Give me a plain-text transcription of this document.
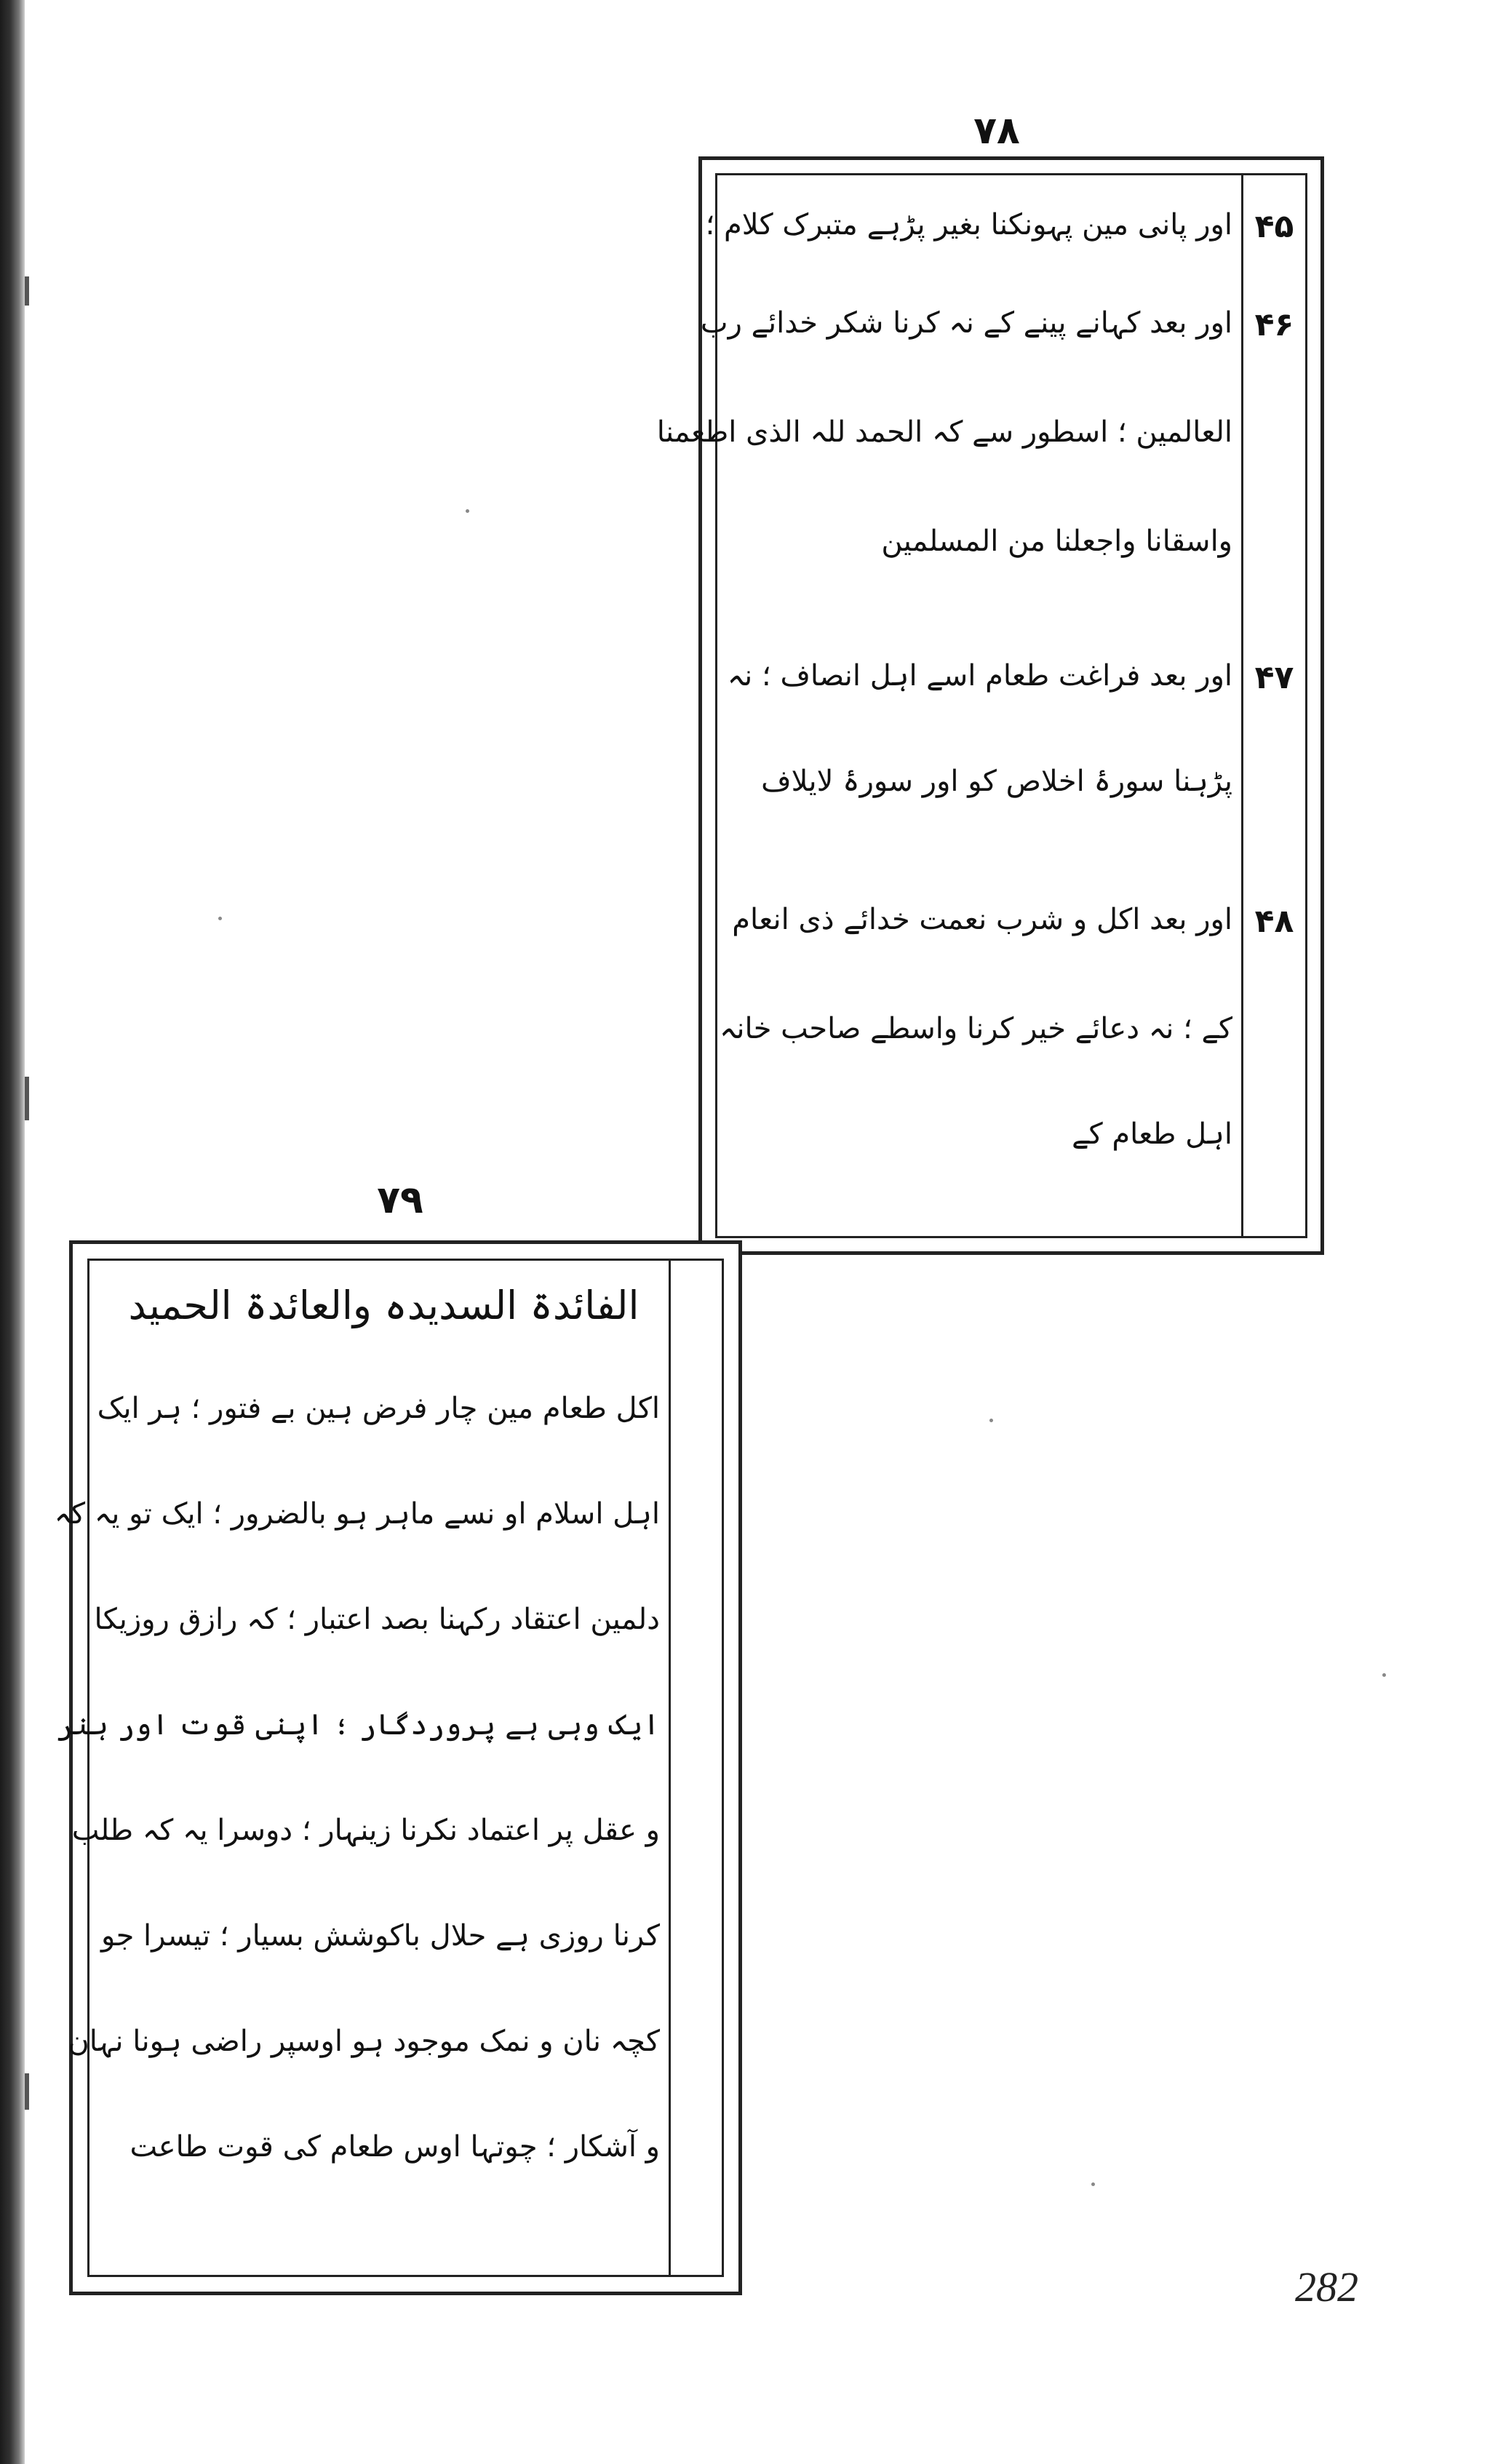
۷۸
۴۵
اور پانی مین پہونکنا بغیر پڑہے متبرک کلام ؛
۴۶
اور بعد کہانے پینے کے نہ کرنا شکر خدائے رب
العالمین ؛ اسطور سے کہ الحمد للہ الذی اطعمنا
واسقانا واجعلنا من المسلمین
۴۷
اور بعد فراغت طعام اسے اہل انصاف ؛ نہ
پڑہنا سورۂ اخلاص کو اور سورۂ لایلاف
۴۸
اور بعد اکل و شرب نعمت خدائے ذی انعام
کے ؛ نہ دعائے خیر کرنا واسطے صاحب خانہ
اہل طعام کے
۷۹
الفائدۃ السدیدہ والعائدۃ الحمید
اکل طعام مین چار فرض ہین بے فتور ؛ ہر ایک
اہل اسلام او نسے ماہر ہو بالضرور ؛ ایک تو یہ کہ
دلمین اعتقاد رکہنا بصد اعتبار ؛ کہ رازق روزیکا
ایک وہی ہے پروردگار ؛ اپنی قوت اور ہنر
و عقل پر اعتماد نکرنا زینہار ؛ دوسرا یہ کہ طلب
کرنا روزی ہے حلال باکوشش بسیار ؛ تیسرا جو
کچہ نان و نمک موجود ہو اوسپر راضی ہونا نہان
و آشکار ؛ چوتہا اوس طعام کی قوت طاعت
282
